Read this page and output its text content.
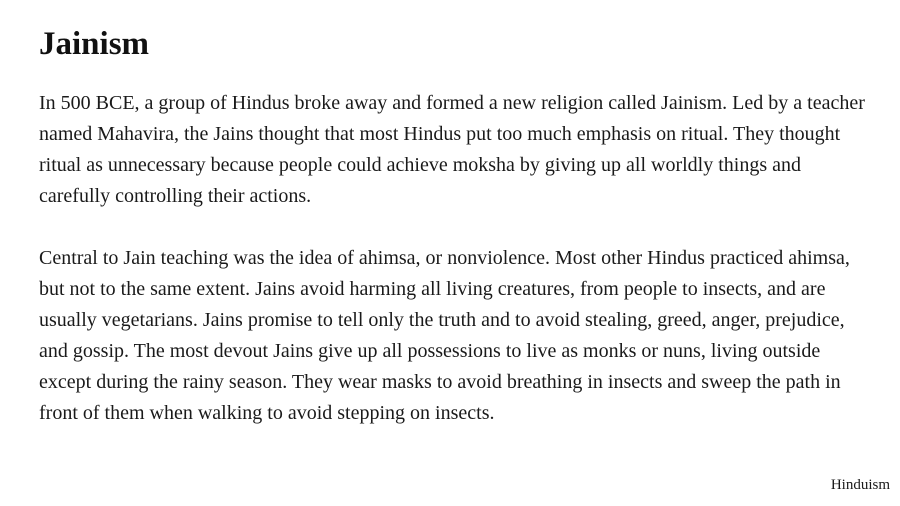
Jainism

In 500 BCE, a group of Hindus broke away and formed a new religion called Jainism. Led by a teacher named Mahavira, the Jains thought that most Hindus put too much emphasis on ritual. They thought ritual as unnecessary because people could achieve moksha by giving up all worldly things and carefully controlling their actions.

Central to Jain teaching was the idea of ahimsa, or nonviolence. Most other Hindus practiced ahimsa, but not to the same extent. Jains avoid harming all living creatures, from people to insects, and are usually vegetarians. Jains promise to tell only the truth and to avoid stealing, greed, anger, prejudice, and gossip. The most devout Jains give up all possessions to live as monks or nuns, living outside except during the rainy season. They wear masks to avoid breathing in insects and sweep the path in front of them when walking to avoid stepping on insects.

Hinduism
